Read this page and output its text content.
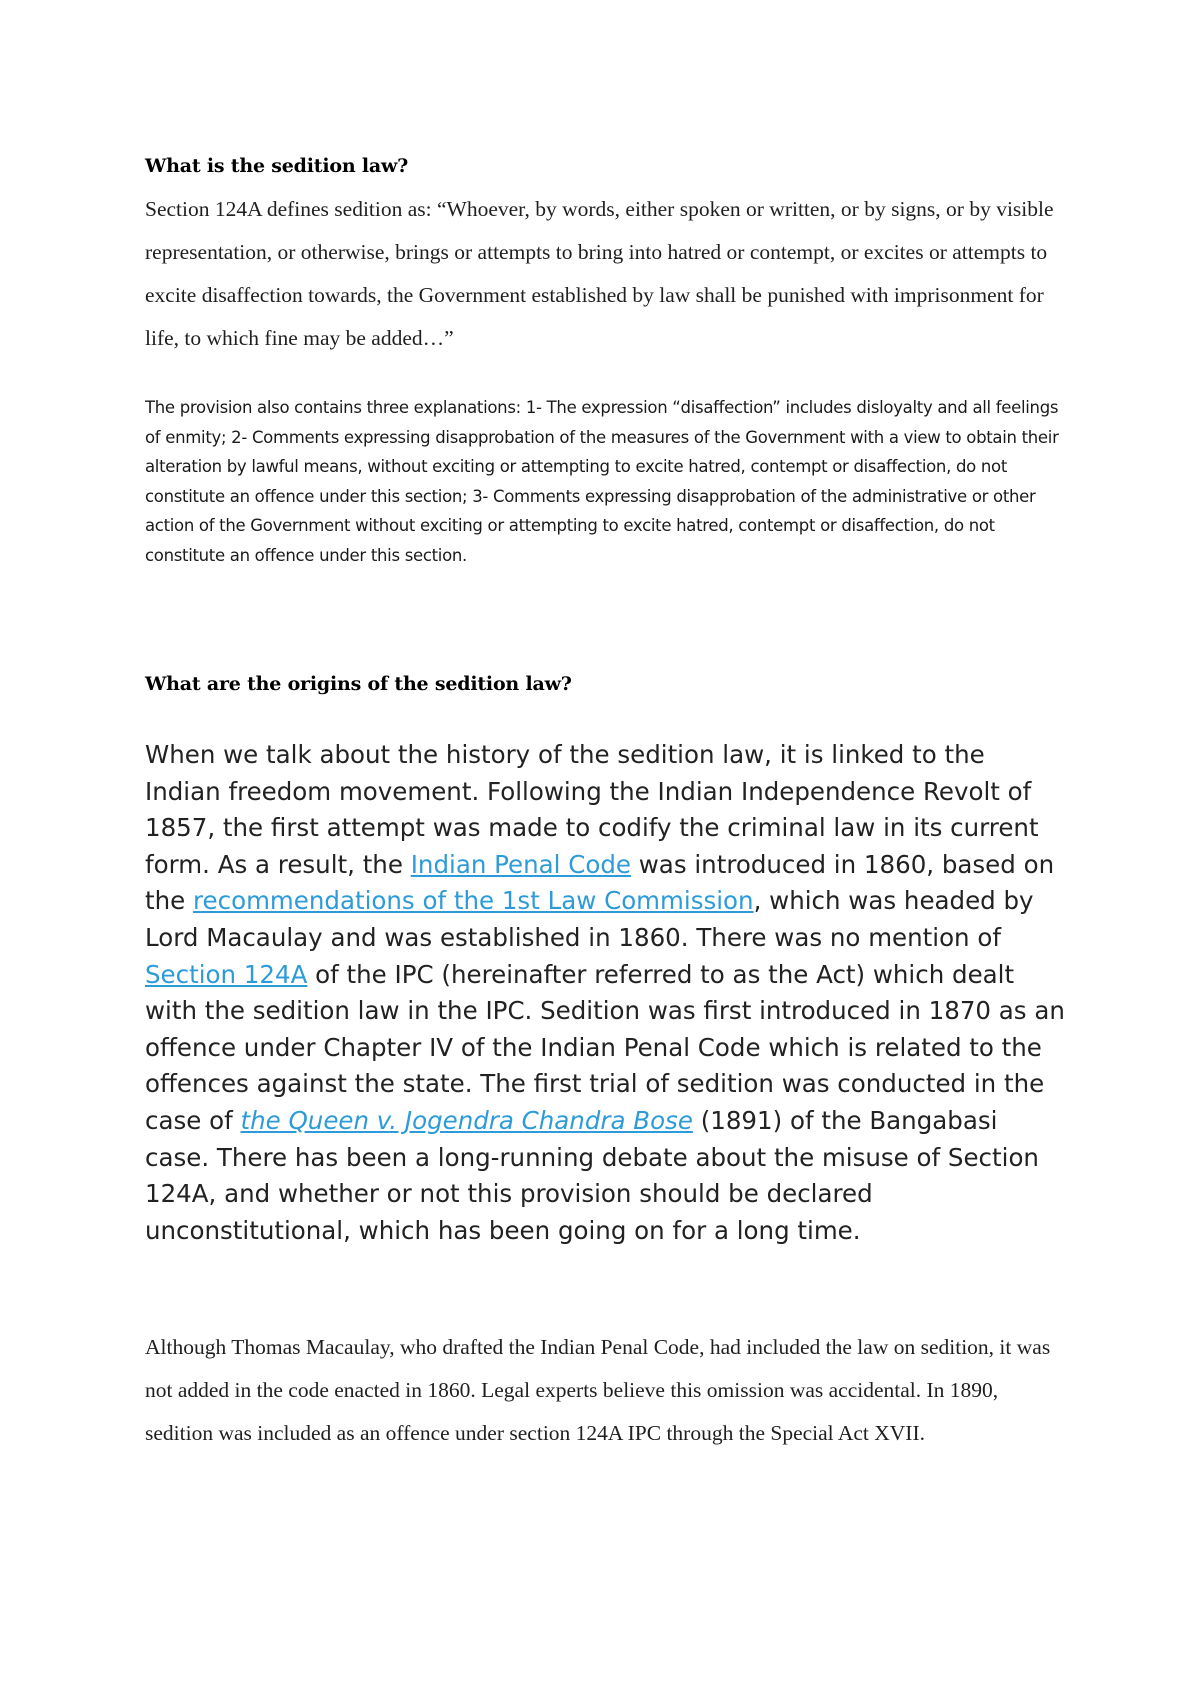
What is the sedition law?

Section 124A defines sedition as: “Whoever, by words, either spoken or written, or by signs, or by visible representation, or otherwise, brings or attempts to bring into hatred or contempt, or excites or attempts to excite disaffection towards, the Government established by law shall be punished with imprisonment for life, to which fine may be added…”

The provision also contains three explanations: 1- The expression “disaffection” includes disloyalty and all feelings of enmity; 2- Comments expressing disapprobation of the measures of the Government with a view to obtain their alteration by lawful means, without exciting or attempting to excite hatred, contempt or disaffection, do not constitute an offence under this section; 3- Comments expressing disapprobation of the administrative or other action of the Government without exciting or attempting to excite hatred, contempt or disaffection, do not constitute an offence under this section.

What are the origins of the sedition law?

When we talk about the history of the sedition law, it is linked to the Indian freedom movement. Following the Indian Independence Revolt of 1857, the first attempt was made to codify the criminal law in its current form. As a result, the Indian Penal Code was introduced in 1860, based on the recommendations of the 1st Law Commission, which was headed by Lord Macaulay and was established in 1860. There was no mention of Section 124A of the IPC (hereinafter referred to as the Act) which dealt with the sedition law in the IPC. Sedition was first introduced in 1870 as an offence under Chapter IV of the Indian Penal Code which is related to the offences against the state. The first trial of sedition was conducted in the case of the Queen v. Jogendra Chandra Bose (1891) of the Bangabasi case. There has been a long-running debate about the misuse of Section 124A, and whether or not this provision should be declared unconstitutional, which has been going on for a long time.

Although Thomas Macaulay, who drafted the Indian Penal Code, had included the law on sedition, it was not added in the code enacted in 1860. Legal experts believe this omission was accidental. In 1890, sedition was included as an offence under section 124A IPC through the Special Act XVII.
